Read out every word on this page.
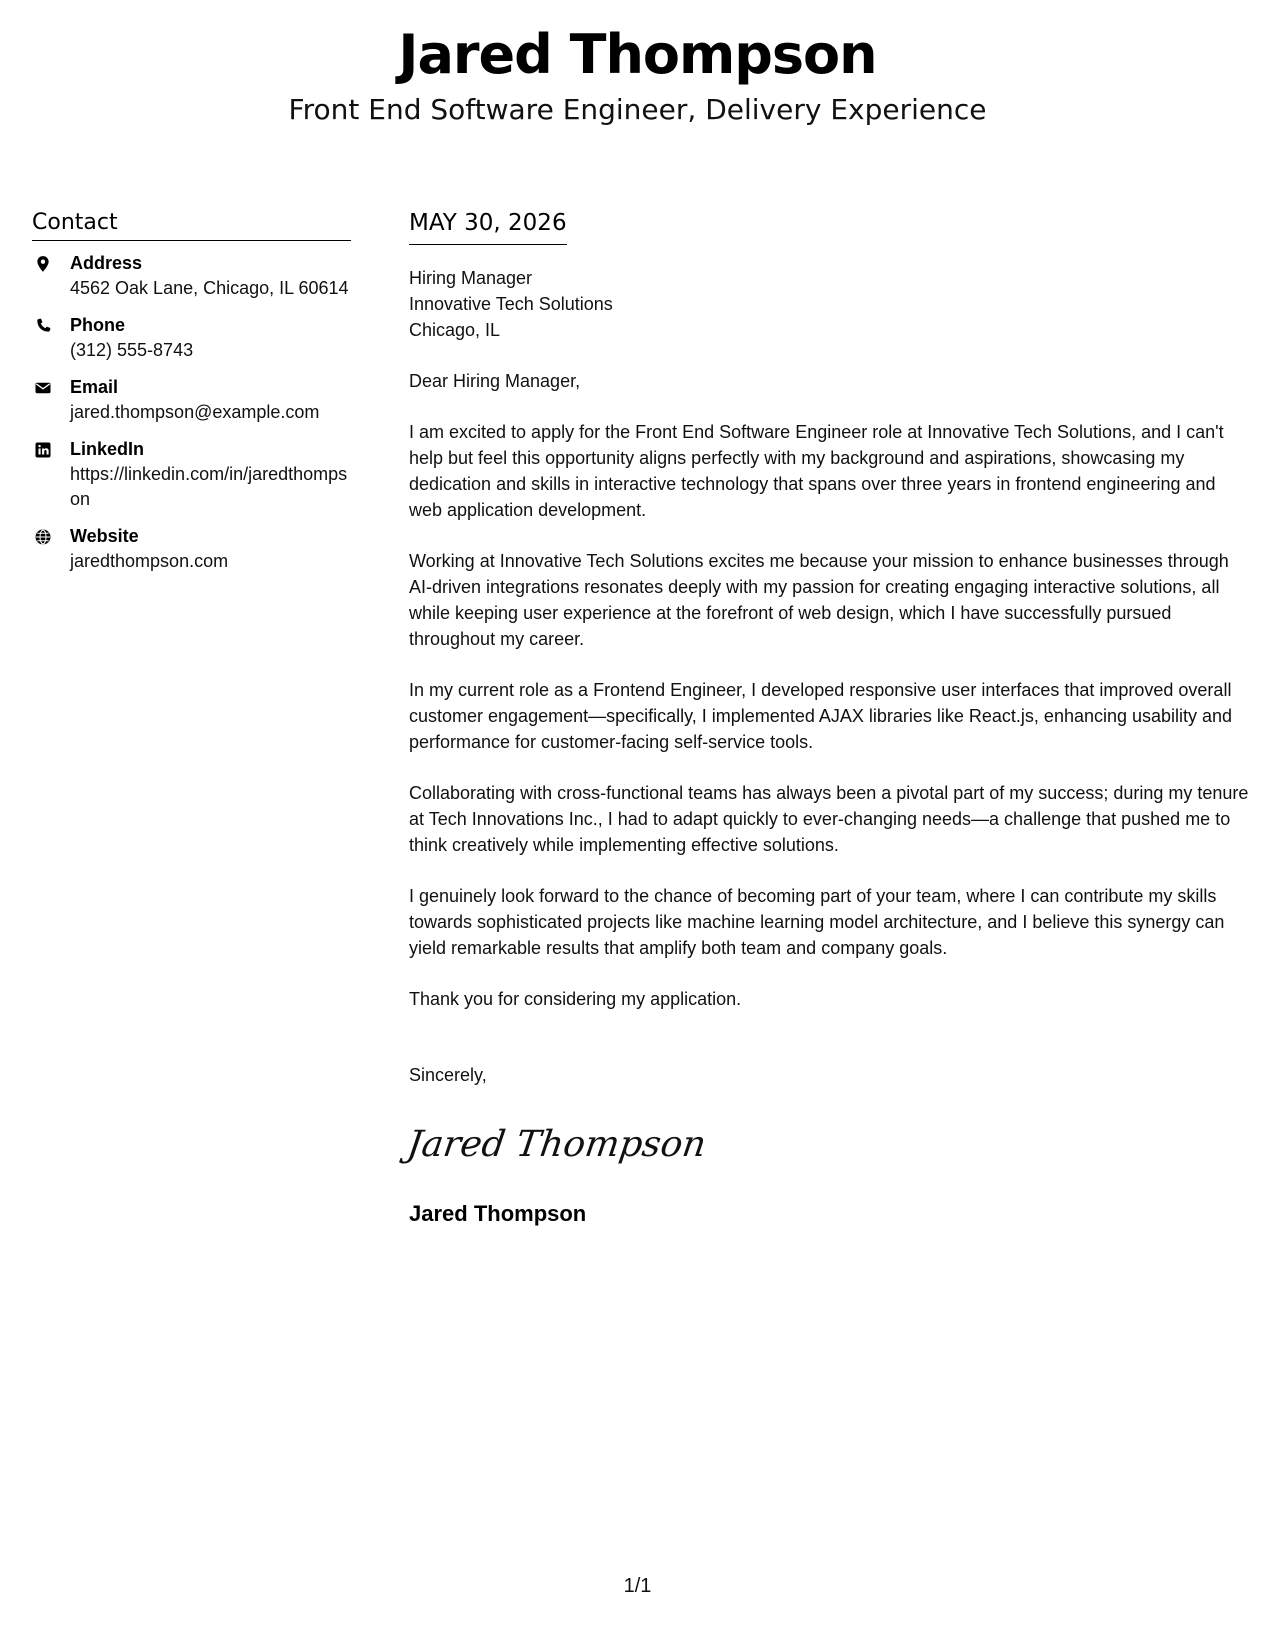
Jared Thompson
Front End Software Engineer, Delivery Experience
Contact
Address
4562 Oak Lane, Chicago, IL 60614
Phone
(312) 555-8743
Email
jared.thompson@example.com
LinkedIn
https://linkedin.com/in/jaredthompson
Website
jaredthompson.com
MAY 30, 2026
Hiring Manager
Innovative Tech Solutions
Chicago, IL
Dear Hiring Manager,
I am excited to apply for the Front End Software Engineer role at Innovative Tech Solutions, and I can't help but feel this opportunity aligns perfectly with my background and aspirations, showcasing my dedication and skills in interactive technology that spans over three years in frontend engineering and web application development.
Working at Innovative Tech Solutions excites me because your mission to enhance businesses through AI-driven integrations resonates deeply with my passion for creating engaging interactive solutions, all while keeping user experience at the forefront of web design, which I have successfully pursued throughout my career.
In my current role as a Frontend Engineer, I developed responsive user interfaces that improved overall customer engagement—specifically, I implemented AJAX libraries like React.js, enhancing usability and performance for customer-facing self-service tools.
Collaborating with cross-functional teams has always been a pivotal part of my success; during my tenure at Tech Innovations Inc., I had to adapt quickly to ever-changing needs—a challenge that pushed me to think creatively while implementing effective solutions.
I genuinely look forward to the chance of becoming part of your team, where I can contribute my skills towards sophisticated projects like machine learning model architecture, and I believe this synergy can yield remarkable results that amplify both team and company goals.
Thank you for considering my application.
Sincerely,
Jared Thompson
Jared Thompson
1/1
